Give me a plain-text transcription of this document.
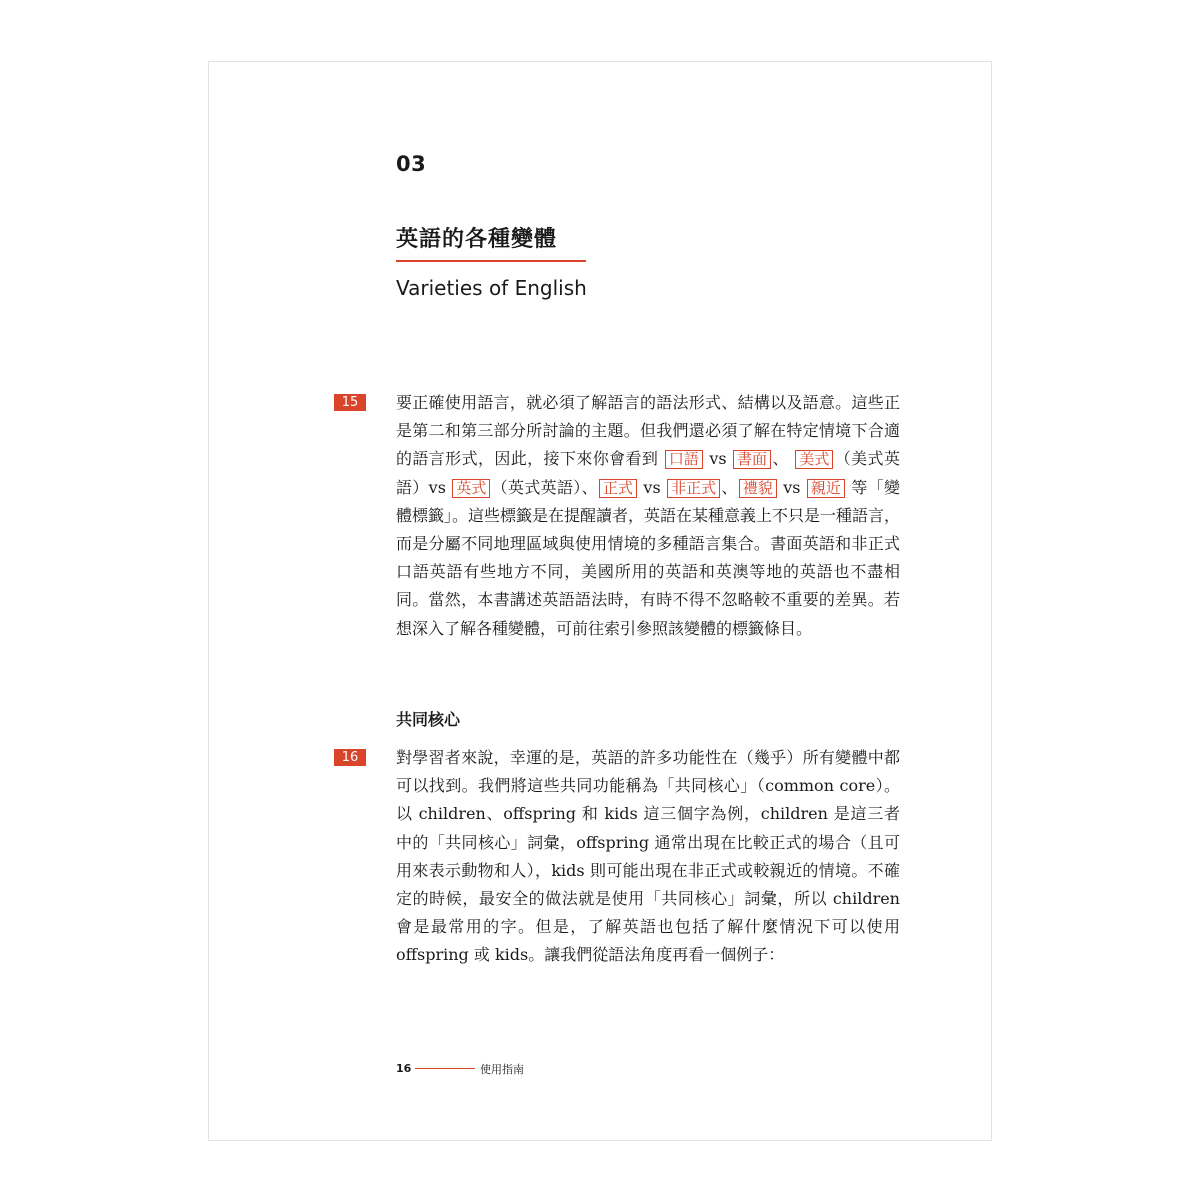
03
英語的各種變體
Varieties of English
15	要正確使用語言，就必須了解語言的語法形式、結構以及語意。這些正是第二和第三部分所討論的主題。但我們還必須了解在特定情境下合適的語言形式，因此，接下來你會看到 口語 vs 書面 、 美式 （美式英語）vs 英式 （英式英語）、 正式 vs 非正式 、 禮貌 vs 親近 等「變體標籤」。這些標籤是在提醒讀者，英語在某種意義上不只是一種語言，而是分屬不同地理區域與使用情境的多種語言集合。書面英語和非正式口語英語有些地方不同，美國所用的英語和英澳等地的英語也不盡相同。當然，本書講述英語語法時，有時不得不忽略較不重要的差異。若想深入了解各種變體，可前往索引參照該變體的標籤條目。

共同核心
16	對學習者來說，幸運的是，英語的許多功能性在（幾乎）所有變體中都可以找到。我們將這些共同功能稱為「共同核心」（common core）。以 children、offspring 和 kids 這三個字為例，children 是這三者中的「共同核心」詞彙，offspring 通常出現在比較正式的場合（且可用來表示動物和人），kids 則可能出現在非正式或較親近的情境。不確定的時候，最安全的做法就是使用「共同核心」詞彙，所以 children 會是最常用的字。但是，了解英語也包括了解什麼情況下可以使用 offspring 或 kids。讓我們從語法角度再看一個例子：

16	使用指南
